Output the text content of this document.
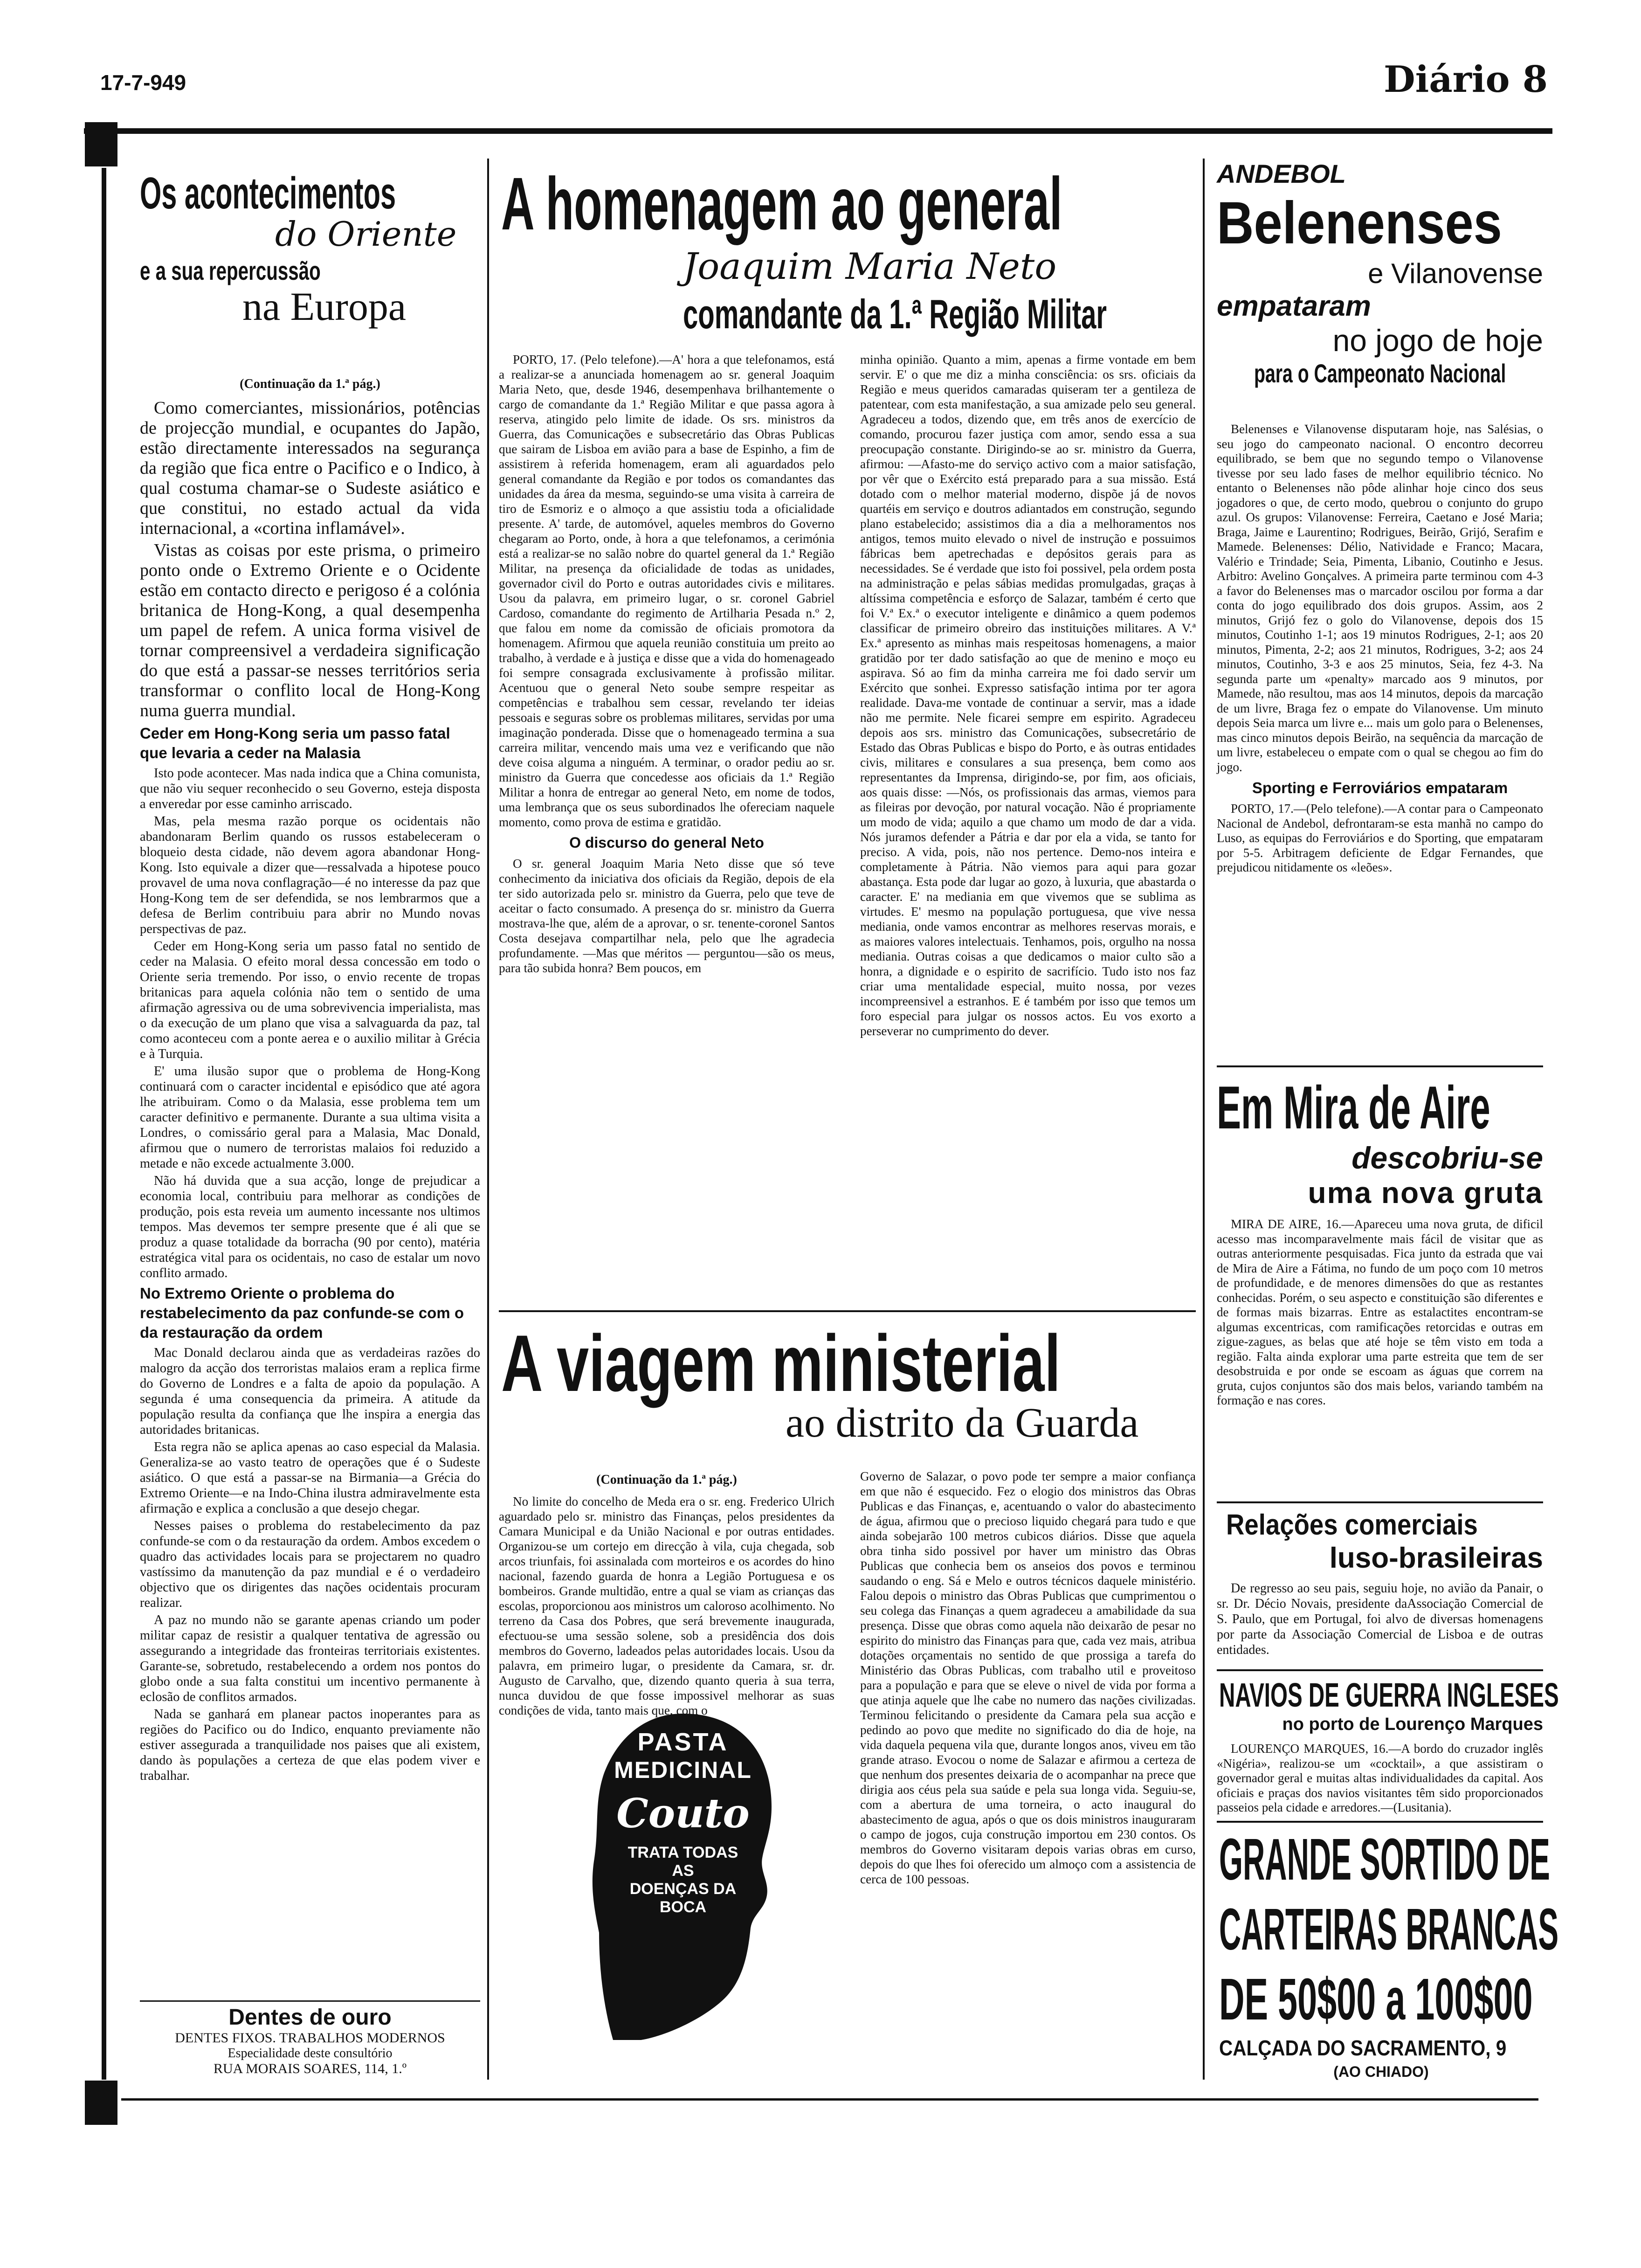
17-7-949	Diário 8
Os acontecimentos
do Oriente
e a sua repercussão
na Europa
(Continuação da 1.ª pág.)

Como comerciantes, missionários, potências de projecção mundial, e ocupantes do Japão, estão directamente interessados na segurança da região que fica entre o Pacifico e o Indico, à qual costuma chamar-se o Sudeste asiático e que constitui, no estado actual da vida internacional, a «cortina inflamável».

Vistas as coisas por este prisma, o primeiro ponto onde o Extremo Oriente e o Ocidente estão em contacto directo e perigoso é a colónia britanica de Hong-Kong, a qual desempenha um papel de refem. A unica forma visivel de tornar compreensivel a verdadeira significação do que está a passar-se nesses territórios seria transformar o conflito local de Hong-Kong numa guerra mundial.

Ceder em Hong-Kong seria um passo fatal que levaria a ceder na Malasia

Isto pode acontecer. Mas nada indica que a China comunista, que não viu sequer reconhecido o seu Governo, esteja disposta a enveredar por esse caminho arriscado.

Mas, pela mesma razão porque os ocidentais não abandonaram Berlim quando os russos estabeleceram o bloqueio desta cidade, não devem agora abandonar Hong-Kong. Isto equivale a dizer que—ressalvada a hipotese pouco provavel de uma nova conflagração—é no interesse da paz que Hong-Kong tem de ser defendida, se nos lembrarmos que a defesa de Berlim contribuiu para abrir no Mundo novas perspectivas de paz.

Ceder em Hong-Kong seria um passo fatal no sentido de ceder na Malasia. O efeito moral dessa concessão em todo o Oriente seria tremendo. Por isso, o envio recente de tropas britanicas para aquela colónia não tem o sentido de uma afirmação agressiva ou de uma sobrevivencia imperialista, mas o da execução de um plano que visa a salvaguarda da paz, tal como aconteceu com a ponte aerea e o auxilio militar à Grécia e à Turquia.

E' uma ilusão supor que o problema de Hong-Kong continuará com o caracter incidental e episódico que até agora lhe atribuiram. Como o da Malasia, esse problema tem um caracter definitivo e permanente. Durante a sua ultima visita a Londres, o comissário geral para a Malasia, Mac Donald, afirmou que o numero de terroristas malaios foi reduzido a metade e não excede actualmente 3.000.

Não há duvida que a sua acção, longe de prejudicar a economia local, contribuiu para melhorar as condições de produção, pois esta reveia um aumento incessante nos ultimos tempos. Mas devemos ter sempre presente que é ali que se produz a quase totalidade da borracha (90 por cento), matéria estratégica vital para os ocidentais, no caso de estalar um novo conflito armado.

No Extremo Oriente o problema do restabelecimento da paz confunde-se com o da restauração da ordem

Mac Donald declarou ainda que as verdadeiras razões do malogro da acção dos terroristas malaios eram a replica firme do Governo de Londres e a falta de apoio da população. A segunda é uma consequencia da primeira. A atitude da população resulta da confiança que lhe inspira a energia das autoridades britanicas.

Esta regra não se aplica apenas ao caso especial da Malasia. Generaliza-se ao vasto teatro de operações que é o Sudeste asiático. O que está a passar-se na Birmania—a Grécia do Extremo Oriente—e na Indo-China ilustra admiravelmente esta afirmação e explica a conclusão a que desejo chegar.

Nesses paises o problema do restabelecimento da paz confunde-se com o da restauração da ordem. Ambos excedem o quadro das actividades locais para se projectarem no quadro vastíssimo da manutenção da paz mundial e é o verdadeiro objectivo que os dirigentes das nações ocidentais procuram realizar.

A paz no mundo não se garante apenas criando um poder militar capaz de resistir a qualquer tentativa de agressão ou assegurando a integridade das fronteiras territoriais existentes. Garante-se, sobretudo, restabelecendo a ordem nos pontos do globo onde a sua falta constitui um incentivo permanente à eclosão de conflitos armados.

Nada se ganhará em planear pactos inoperantes para as regiões do Pacifico ou do Indico, enquanto previamente não estiver assegurada a tranquilidade nos paises que ali existem, dando às populações a certeza de que elas podem viver e trabalhar.

Dentes de ouro
DENTES FIXOS. TRABALHOS MODERNOS
Especialidade deste consultório
RUA MORAIS SOARES, 114, 1.º
A homenagem ao general
Joaquim Maria Neto
comandante da 1.ª Região Militar

PORTO, 17. (Pelo telefone).—A' hora a que telefonamos, está a realizar-se a anunciada homenagem ao sr. general Joaquim Maria Neto, que, desde 1946, desempenhava brilhantemente o cargo de comandante da 1.ª Região Militar e que passa agora à reserva, atingido pelo limite de idade. Os srs. ministros da Guerra, das Comunicações e subsecretário das Obras Publicas que sairam de Lisboa em avião para a base de Espinho, a fim de assistirem à referida homenagem, eram ali aguardados pelo general comandante da Região e por todos os comandantes das unidades da área da mesma, seguindo-se uma visita à carreira de tiro de Esmoriz e o almoço a que assistiu toda a oficialidade presente. A' tarde, de automóvel, aqueles membros do Governo chegaram ao Porto, onde, à hora a que telefonamos, a cerimónia está a realizar-se no salão nobre do quartel general da 1.ª Região Militar, na presença da oficialidade de todas as unidades, governador civil do Porto e outras autoridades civis e militares. Usou da palavra, em primeiro lugar, o sr. coronel Gabriel Cardoso, comandante do regimento de Artilharia Pesada n.º 2, que falou em nome da comissão de oficiais promotora da homenagem. Afirmou que aquela reunião constituia um preito ao trabalho, à verdade e à justiça e disse que a vida do homenageado foi sempre consagrada exclusivamente à profissão militar. Acentuou que o general Neto soube sempre respeitar as competências e trabalhou sem cessar, revelando ter ideias pessoais e seguras sobre os problemas militares, servidas por uma imaginação ponderada. Disse que o homenageado termina a sua carreira militar, vencendo mais uma vez e verificando que não deve coisa alguma a ninguém. A terminar, o orador pediu ao sr. ministro da Guerra que concedesse aos oficiais da 1.ª Região Militar a honra de entregar ao general Neto, em nome de todos, uma lembrança que os seus subordinados lhe ofereciam naquele momento, como prova de estima e gratidão.

O discurso do general Neto

O sr. general Joaquim Maria Neto disse que só teve conhecimento da iniciativa dos oficiais da Região, depois de ela ter sido autorizada pelo sr. ministro da Guerra, pelo que teve de aceitar o facto consumado. A presença do sr. ministro da Guerra mostrava-lhe que, além de a aprovar, o sr. tenente-coronel Santos Costa desejava compartilhar nela, pelo que lhe agradecia profundamente. —Mas que méritos — perguntou—são os meus, para tão subida honra? Bem poucos, em

minha opinião. Quanto a mim, apenas a firme vontade em bem servir. E' o que me diz a minha consciência: os srs. oficiais da Região e meus queridos camaradas quiseram ter a gentileza de patentear, com esta manifestação, a sua amizade pelo seu general. Agradeceu a todos, dizendo que, em três anos de exercício de comando, procurou fazer justiça com amor, sendo essa a sua preocupação constante. Dirigindo-se ao sr. ministro da Guerra, afirmou: —Afasto-me do serviço activo com a maior satisfação, por vêr que o Exército está preparado para a sua missão. Está dotado com o melhor material moderno, dispõe já de novos quartéis em serviço e doutros adiantados em construção, segundo plano estabelecido; assistimos dia a dia a melhoramentos nos antigos, temos muito elevado o nivel de instrução e possuimos fábricas bem apetrechadas e depósitos gerais para as necessidades. Se é verdade que isto foi possivel, pela ordem posta na administração e pelas sábias medidas promulgadas, graças à altíssima competência e esforço de Salazar, também é certo que foi V.ª Ex.ª o executor inteligente e dinâmico a quem podemos classificar de primeiro obreiro das instituições militares. A V.ª Ex.ª apresento as minhas mais respeitosas homenagens, a maior gratidão por ter dado satisfação ao que de menino e moço eu aspirava. Só ao fim da minha carreira me foi dado servir um Exército que sonhei. Expresso satisfação intima por ter agora realidade. Dava-me vontade de continuar a servir, mas a idade não me permite. Nele ficarei sempre em espirito. Agradeceu depois aos srs. ministro das Comunicações, subsecretário de Estado das Obras Publicas e bispo do Porto, e às outras entidades civis, militares e consulares a sua presença, bem como aos representantes da Imprensa, dirigindo-se, por fim, aos oficiais, aos quais disse: —Nós, os profissionais das armas, viemos para as fileiras por devoção, por natural vocação. Não é propriamente um modo de vida; aquilo a que chamo um modo de dar a vida. Nós juramos defender a Pátria e dar por ela a vida, se tanto for preciso. A vida, pois, não nos pertence. Demo-nos inteira e completamente à Pátria. Não viemos para aqui para gozar abastança. Esta pode dar lugar ao gozo, à luxuria, que abastarda o caracter. E' na mediania em que vivemos que se sublima as virtudes. E' mesmo na população portuguesa, que vive nessa mediania, onde vamos encontrar as melhores reservas morais, e as maiores valores intelectuais. Tenhamos, pois, orgulho na nossa mediania. Outras coisas a que dedicamos o maior culto são a honra, a dignidade e o espirito de sacrifício. Tudo isto nos faz criar uma mentalidade especial, muito nossa, por vezes incompreensivel a estranhos. E é também por isso que temos um foro especial para julgar os nossos actos. Eu vos exorto a perseverar no cumprimento do dever.

A viagem ministerial
ao distrito da Guarda
(Continuação da 1.ª pág.)

No limite do concelho de Meda era o sr. eng. Frederico Ulrich aguardado pelo sr. ministro das Finanças, pelos presidentes da Camara Municipal e da União Nacional e por outras entidades. Organizou-se um cortejo em direcção à vila, cuja chegada, sob arcos triunfais, foi assinalada com morteiros e os acordes do hino nacional, fazendo guarda de honra a Legião Portuguesa e os bombeiros. Grande multidão, entre a qual se viam as crianças das escolas, proporcionou aos ministros um caloroso acolhimento. No terreno da Casa dos Pobres, que será brevemente inaugurada, efectuou-se uma sessão solene, sob a presidência dos dois membros do Governo, ladeados pelas autoridades locais. Usou da palavra, em primeiro lugar, o presidente da Camara, sr. dr. Augusto de Carvalho, que, dizendo quanto queria à sua terra, nunca duvidou de que fosse impossivel melhorar as suas condições de vida, tanto mais que, com o

Governo de Salazar, o povo pode ter sempre a maior confiança em que não é esquecido. Fez o elogio dos ministros das Obras Publicas e das Finanças, e, acentuando o valor do abastecimento de água, afirmou que o precioso liquido chegará para tudo e que ainda sobejarão 100 metros cubicos diários. Disse que aquela obra tinha sido possivel por haver um ministro das Obras Publicas que conhecia bem os anseios dos povos e terminou saudando o eng. Sá e Melo e outros técnicos daquele ministério. Falou depois o ministro das Obras Publicas que cumprimentou o seu colega das Finanças a quem agradeceu a amabilidade da sua presença. Disse que obras como aquela não deixarão de pesar no espirito do ministro das Finanças para que, cada vez mais, atribua dotações orçamentais no sentido de que prossiga a tarefa do Ministério das Obras Publicas, com trabalho util e proveitoso para a população e para que se eleve o nivel de vida por forma a que atinja aquele que lhe cabe no numero das nações civilizadas. Terminou felicitando o presidente da Camara pela sua acção e pedindo ao povo que medite no significado do dia de hoje, na vida daquela pequena vila que, durante longos anos, viveu em tão grande atraso. Evocou o nome de Salazar e afirmou a certeza de que nenhum dos presentes deixaria de o acompanhar na prece que dirigia aos céus pela sua saúde e pela sua longa vida. Seguiu-se, com a abertura de uma torneira, o acto inaugural do abastecimento de agua, após o que os dois ministros inauguraram o campo de jogos, cuja construção importou em 230 contos. Os membros do Governo visitaram depois varias obras em curso, depois do que lhes foi oferecido um almoço com a assistencia de cerca de 100 pessoas.

PASTA
MEDICINAL
Couto
TRATA TODAS
AS
DOENÇAS DA
BOCA
ANDEBOL
Belenenses
e Vilanovense
empataram
no jogo de hoje
para o Campeonato Nacional

Belenenses e Vilanovense disputaram hoje, nas Salésias, o seu jogo do campeonato nacional. O encontro decorreu equilibrado, se bem que no segundo tempo o Vilanovense tivesse por seu lado fases de melhor equilibrio técnico. No entanto o Belenenses não pôde alinhar hoje cinco dos seus jogadores o que, de certo modo, quebrou o conjunto do grupo azul. Os grupos: Vilanovense: Ferreira, Caetano e José Maria; Braga, Jaime e Laurentino; Rodrigues, Beirão, Grijó, Serafim e Mamede. Belenenses: Délio, Natividade e Franco; Macara, Valério e Trindade; Seia, Pimenta, Libanio, Coutinho e Jesus. Arbitro: Avelino Gonçalves. A primeira parte terminou com 4-3 a favor do Belenenses mas o marcador oscilou por forma a dar conta do jogo equilibrado dos dois grupos. Assim, aos 2 minutos, Grijó fez o golo do Vilanovense, depois dos 15 minutos, Coutinho 1-1; aos 19 minutos Rodrigues, 2-1; aos 20 minutos, Pimenta, 2-2; aos 21 minutos, Rodrigues, 3-2; aos 24 minutos, Coutinho, 3-3 e aos 25 minutos, Seia, fez 4-3. Na segunda parte um «penalty» marcado aos 9 minutos, por Mamede, não resultou, mas aos 14 minutos, depois da marcação de um livre, Braga fez o empate do Vilanovense. Um minuto depois Seia marca um livre e... mais um golo para o Belenenses, mas cinco minutos depois Beirão, na sequência da marcação de um livre, estabeleceu o empate com o qual se chegou ao fim do jogo.

Sporting e Ferroviários empataram

PORTO, 17.—(Pelo telefone).—A contar para o Campeonato Nacional de Andebol, defrontaram-se esta manhã no campo do Luso, as equipas do Ferroviários e do Sporting, que empataram por 5-5. Arbitragem deficiente de Edgar Fernandes, que prejudicou nitidamente os «leões».

Em Mira de Aire
descobriu-se
uma nova gruta

MIRA DE AIRE, 16.—Apareceu uma nova gruta, de dificil acesso mas incomparavelmente mais fácil de visitar que as outras anteriormente pesquisadas. Fica junto da estrada que vai de Mira de Aire a Fátima, no fundo de um poço com 10 metros de profundidade, e de menores dimensões do que as restantes conhecidas. Porém, o seu aspecto e constituição são diferentes e de formas mais bizarras. Entre as estalactites encontram-se algumas excentricas, com ramificações retorcidas e outras em zigue-zagues, as belas que até hoje se têm visto em toda a região. Falta ainda explorar uma parte estreita que tem de ser desobstruida e por onde se escoam as águas que correm na gruta, cujos conjuntos são dos mais belos, variando também na formação e nas cores.

Relações comerciais
luso-brasileiras

De regresso ao seu pais, seguiu hoje, no avião da Panair, o sr. Dr. Décio Novais, presidente daAssociação Comercial de S. Paulo, que em Portugal, foi alvo de diversas homenagens por parte da Associação Comercial de Lisboa e de outras entidades.

NAVIOS DE GUERRA INGLESES
no porto de Lourenço Marques

LOURENÇO MARQUES, 16.—A bordo do cruzador inglês «Nigéria», realizou-se um «cocktail», a que assistiram o governador geral e muitas altas individualidades da capital. Aos oficiais e praças dos navios visitantes têm sido proporcionados passeios pela cidade e arredores.—(Lusitania).

GRANDE SORTIDO DE
CARTEIRAS BRANCAS
DE 50$00 a 100$00
CALÇADA DO SACRAMENTO, 9
(AO CHIADO)
